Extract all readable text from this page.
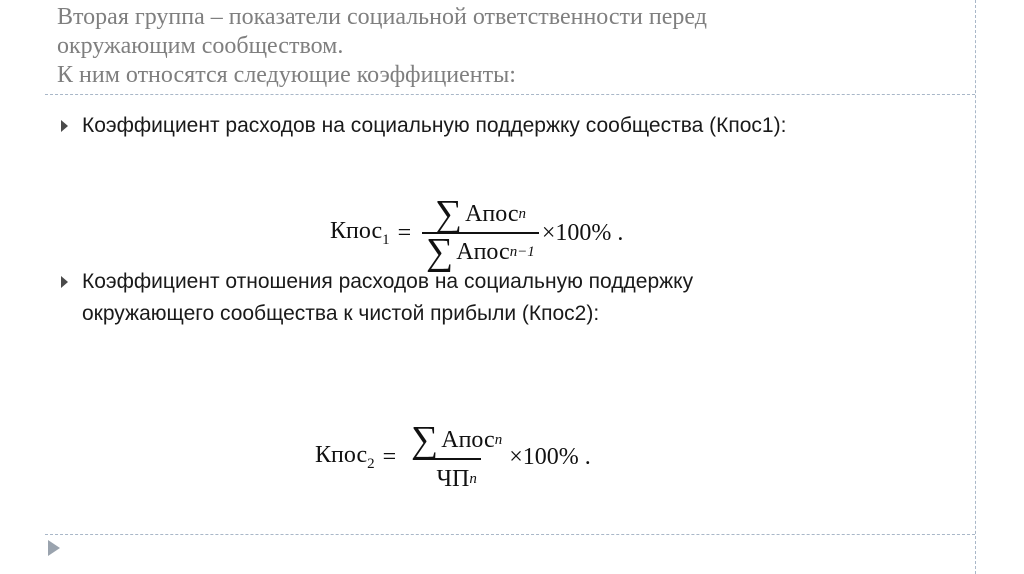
Вторая группа – показатели социальной ответственности перед
окружающим сообществом.
К ним относятся следующие коэффициенты:
Коэффициент расходов на социальную поддержку сообщества (Кпос1):
Кпос$_1$ = $\frac{\text{∑ Апос n}}{\text{∑ Апос n−1}} \times 100\%$ .
Коэффициент отношения расходов на социальную поддержку
окружающего сообщества к чистой прибыли (Кпос2):
Кпос$_2$ = $\frac{\text{∑ Апос n}}{\text{ЧП n}} \times 100\%$ .
